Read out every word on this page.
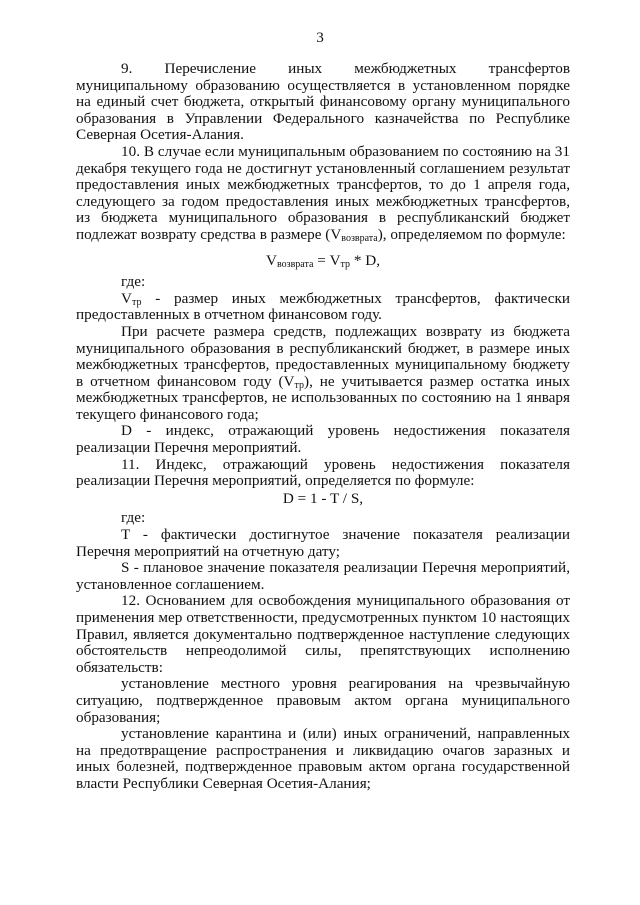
3

9. Перечисление иных межбюджетных трансфертов муниципальному образованию осуществляется в установленном порядке на единый счет бюджета, открытый финансовому органу муниципального образования в Управлении Федерального казначейства по Республике Северная Осетия-Алания.

10. В случае если муниципальным образованием по состоянию на 31 декабря текущего года не достигнут установленный соглашением результат предоставления иных межбюджетных трансфертов, то до 1 апреля года, следующего за годом предоставления иных межбюджетных трансфертов, из бюджета муниципального образования в республиканский бюджет подлежат возврату средства в размере $(V_{возврата})$, определяемом по формуле:

$V_{возврата} = V_{тр} * D$,

где:

$V_{тр}$ - размер иных межбюджетных трансфертов, фактически предоставленных в отчетном финансовом году.

При расчете размера средств, подлежащих возврату из бюджета муниципального образования в республиканский бюджет, в размере иных межбюджетных трансфертов, предоставленных муниципальному бюджету в отчетном финансовом году $(V_{тр})$, не учитывается размер остатка иных межбюджетных трансфертов, не использованных по состоянию на 1 января текущего финансового года;

D - индекс, отражающий уровень недостижения показателя реализации Перечня мероприятий.

11. Индекс, отражающий уровень недостижения показателя реализации Перечня мероприятий, определяется по формуле:

D = 1 - T / S,

где:

T - фактически достигнутое значение показателя реализации Перечня мероприятий на отчетную дату;

S - плановое значение показателя реализации Перечня мероприятий, установленное соглашением.

12. Основанием для освобождения муниципального образования от применения мер ответственности, предусмотренных пунктом 10 настоящих Правил, является документально подтвержденное наступление следующих обстоятельств непреодолимой силы, препятствующих исполнению обязательств:

установление местного уровня реагирования на чрезвычайную ситуацию, подтвержденное правовым актом органа муниципального образования;

установление карантина и (или) иных ограничений, направленных на предотвращение распространения и ликвидацию очагов заразных и иных болезней, подтвержденное правовым актом органа государственной власти Республики Северная Осетия-Алания;
